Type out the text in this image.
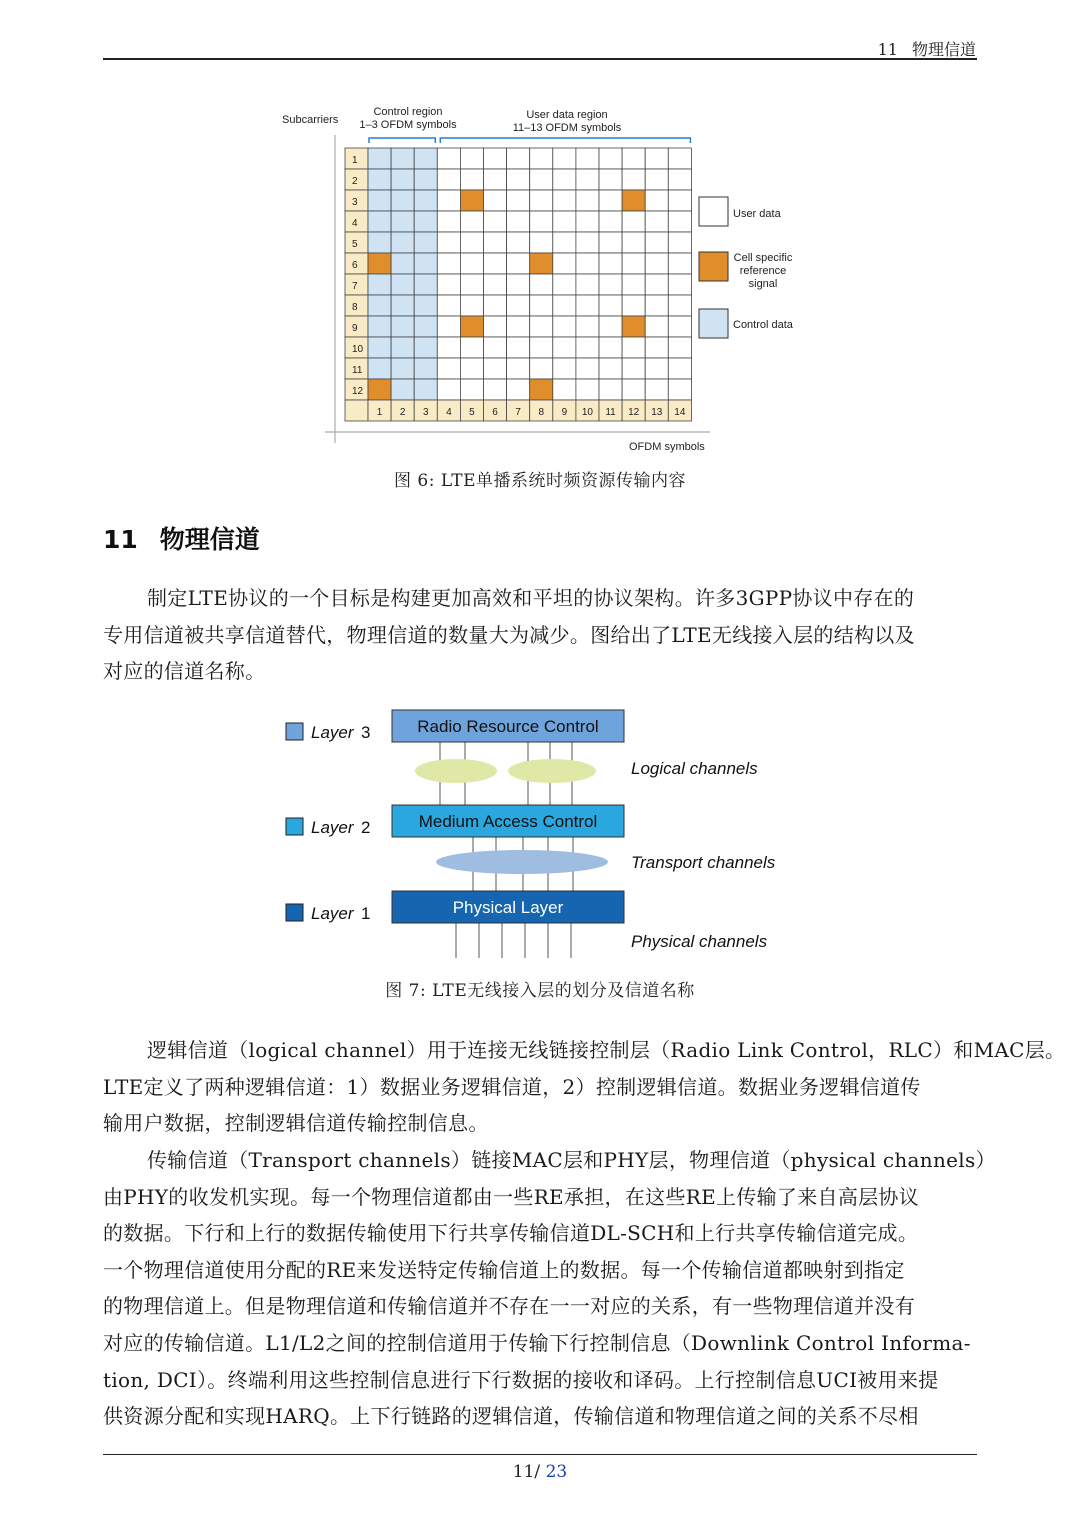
11 物理信道
1
2
3
4
5
6
7
8
9
10
11
12
1 2 3 4 5 6 7 8 9 10 11 12 13 14
Subcarriers
OFDM symbols
Control region
1–3 OFDM symbols
User data region
11–13 OFDM symbols
User data
Cell specific
reference
signal
Control data
图 6: LTE单播系统时频资源传输内容
11 物理信道

制定LTE协议的一个目标是构建更加高效和平坦的协议架构。许多3GPP协议中存在的
专用信道被共享信道替代，物理信道的数量大为减少。图给出了LTE无线接入层的结构以及
对应的信道名称。

Layer 3
Layer 2
Layer 1
Radio Resource Control
Medium Access Control
Physical Layer
Logical channels
Transport channels
Physical channels
图 7: LTE无线接入层的划分及信道名称

逻辑信道（logical channel）用于连接无线链接控制层（Radio Link Control，RLC）和MAC层。
LTE定义了两种逻辑信道：1）数据业务逻辑信道，2）控制逻辑信道。数据业务逻辑信道传
输用户数据，控制逻辑信道传输控制信息。

传输信道（Transport channels）链接MAC层和PHY层，物理信道（physical channels）
由PHY的收发机实现。每一个物理信道都由一些RE承担，在这些RE上传输了来自高层协议
的数据。下行和上行的数据传输使用下行共享传输信道DL-SCH和上行共享传输信道完成。
一个物理信道使用分配的RE来发送特定传输信道上的数据。每一个传输信道都映射到指定
的物理信道上。但是物理信道和传输信道并不存在一一对应的关系，有一些物理信道并没有
对应的传输信道。L1/L2之间的控制信道用于传输下行控制信息（Downlink Control Informa-
tion, DCI）。终端利用这些控制信息进行下行数据的接收和译码。上行控制信息UCI被用来提
供资源分配和实现HARQ。上下行链路的逻辑信道，传输信道和物理信道之间的关系不尽相

11/ 23
